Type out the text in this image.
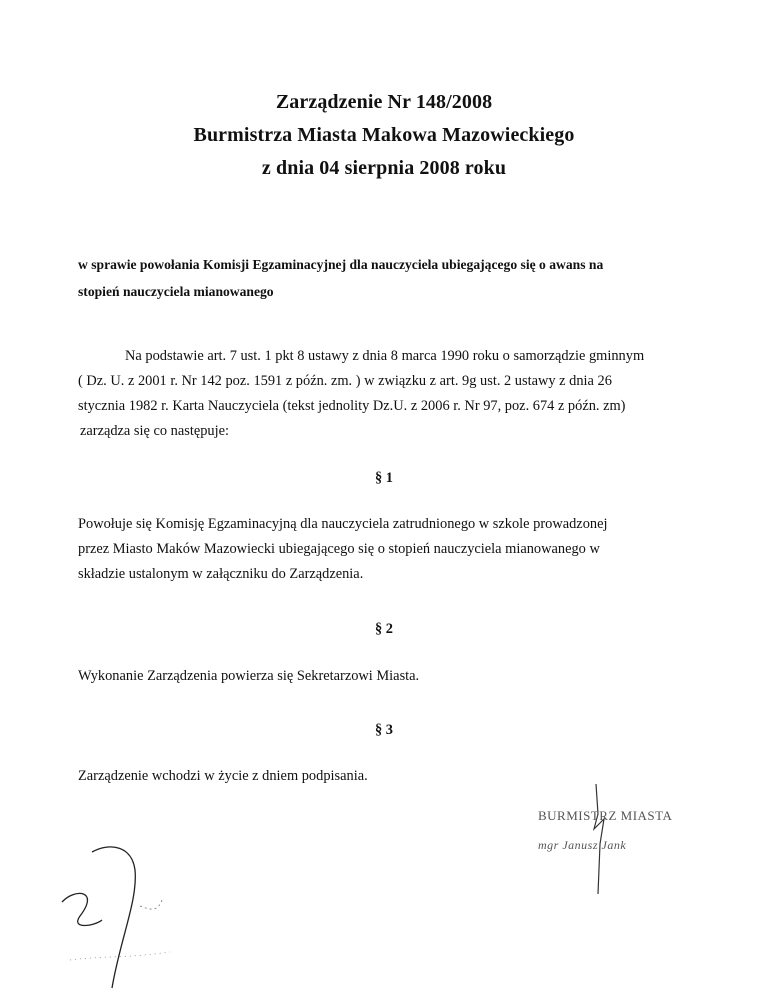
Zarządzenie Nr 148/2008
Burmistrza Miasta Makowa Mazowieckiego
z dnia 04 sierpnia 2008 roku
w sprawie powołania Komisji Egzaminacyjnej dla nauczyciela ubiegającego się o awans na
stopień nauczyciela mianowanego
Na podstawie art. 7 ust. 1 pkt 8 ustawy z dnia 8 marca 1990 roku o samorządzie gminnym
( Dz. U. z 2001 r. Nr 142 poz. 1591 z późn. zm. ) w związku z art. 9g ust. 2 ustawy z dnia 26
stycznia 1982 r. Karta Nauczyciela (tekst jednolity Dz.U. z 2006 r. Nr 97, poz. 674 z późn. zm)
zarządza się co następuje:
§ 1
Powołuje się Komisję Egzaminacyjną dla nauczyciela zatrudnionego w szkole prowadzonej
przez Miasto Maków Mazowiecki ubiegającego się o stopień nauczyciela mianowanego w
składzie ustalonym w załączniku do Zarządzenia.
§ 2
Wykonanie Zarządzenia powierza się Sekretarzowi Miasta.
§ 3
Zarządzenie wchodzi w życie z dniem podpisania.
BURMISTRZ MIASTA
mgr Janusz Jank
